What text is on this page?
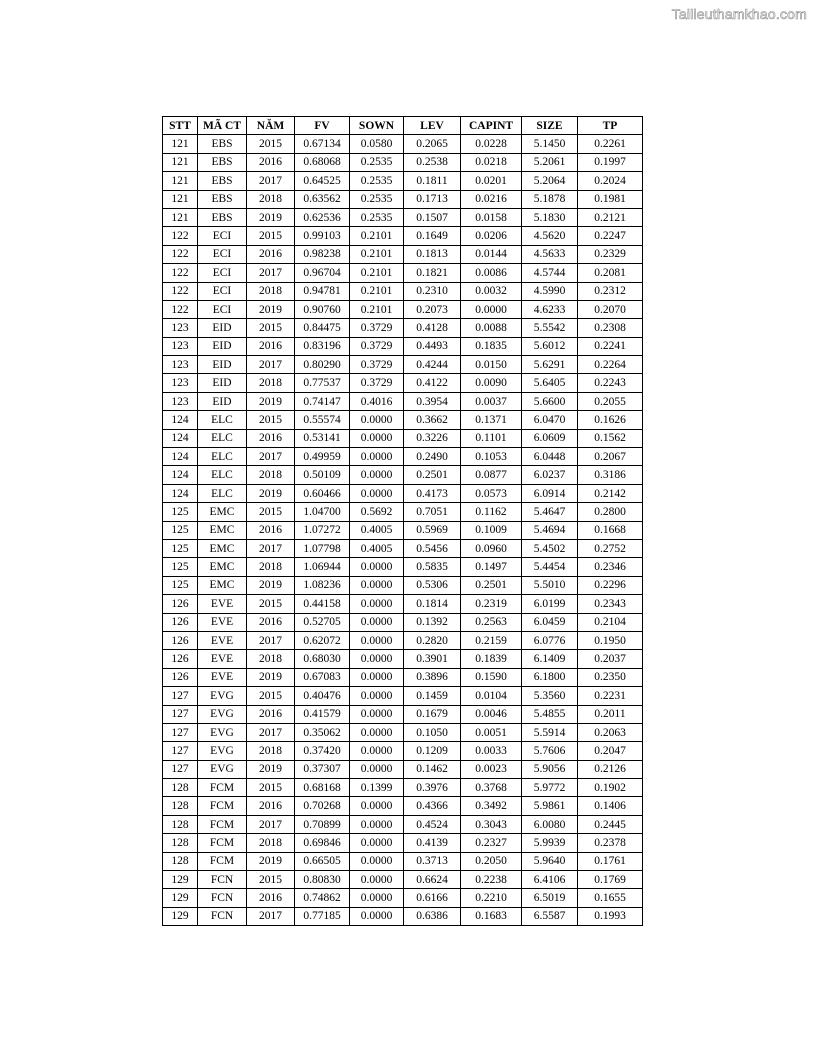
Tailieuthamkhao.com
STT	MÃ CT	NĂM	FV	SOWN	LEV	CAPINT	SIZE	TP
121	EBS	2015	0.67134	0.0580	0.2065	0.0228	5.1450	0.2261
121	EBS	2016	0.68068	0.2535	0.2538	0.0218	5.2061	0.1997
121	EBS	2017	0.64525	0.2535	0.1811	0.0201	5.2064	0.2024
121	EBS	2018	0.63562	0.2535	0.1713	0.0216	5.1878	0.1981
121	EBS	2019	0.62536	0.2535	0.1507	0.0158	5.1830	0.2121
122	ECI	2015	0.99103	0.2101	0.1649	0.0206	4.5620	0.2247
122	ECI	2016	0.98238	0.2101	0.1813	0.0144	4.5633	0.2329
122	ECI	2017	0.96704	0.2101	0.1821	0.0086	4.5744	0.2081
122	ECI	2018	0.94781	0.2101	0.2310	0.0032	4.5990	0.2312
122	ECI	2019	0.90760	0.2101	0.2073	0.0000	4.6233	0.2070
123	EID	2015	0.84475	0.3729	0.4128	0.0088	5.5542	0.2308
123	EID	2016	0.83196	0.3729	0.4493	0.1835	5.6012	0.2241
123	EID	2017	0.80290	0.3729	0.4244	0.0150	5.6291	0.2264
123	EID	2018	0.77537	0.3729	0.4122	0.0090	5.6405	0.2243
123	EID	2019	0.74147	0.4016	0.3954	0.0037	5.6600	0.2055
124	ELC	2015	0.55574	0.0000	0.3662	0.1371	6.0470	0.1626
124	ELC	2016	0.53141	0.0000	0.3226	0.1101	6.0609	0.1562
124	ELC	2017	0.49959	0.0000	0.2490	0.1053	6.0448	0.2067
124	ELC	2018	0.50109	0.0000	0.2501	0.0877	6.0237	0.3186
124	ELC	2019	0.60466	0.0000	0.4173	0.0573	6.0914	0.2142
125	EMC	2015	1.04700	0.5692	0.7051	0.1162	5.4647	0.2800
125	EMC	2016	1.07272	0.4005	0.5969	0.1009	5.4694	0.1668
125	EMC	2017	1.07798	0.4005	0.5456	0.0960	5.4502	0.2752
125	EMC	2018	1.06944	0.0000	0.5835	0.1497	5.4454	0.2346
125	EMC	2019	1.08236	0.0000	0.5306	0.2501	5.5010	0.2296
126	EVE	2015	0.44158	0.0000	0.1814	0.2319	6.0199	0.2343
126	EVE	2016	0.52705	0.0000	0.1392	0.2563	6.0459	0.2104
126	EVE	2017	0.62072	0.0000	0.2820	0.2159	6.0776	0.1950
126	EVE	2018	0.68030	0.0000	0.3901	0.1839	6.1409	0.2037
126	EVE	2019	0.67083	0.0000	0.3896	0.1590	6.1800	0.2350
127	EVG	2015	0.40476	0.0000	0.1459	0.0104	5.3560	0.2231
127	EVG	2016	0.41579	0.0000	0.1679	0.0046	5.4855	0.2011
127	EVG	2017	0.35062	0.0000	0.1050	0.0051	5.5914	0.2063
127	EVG	2018	0.37420	0.0000	0.1209	0.0033	5.7606	0.2047
127	EVG	2019	0.37307	0.0000	0.1462	0.0023	5.9056	0.2126
128	FCM	2015	0.68168	0.1399	0.3976	0.3768	5.9772	0.1902
128	FCM	2016	0.70268	0.0000	0.4366	0.3492	5.9861	0.1406
128	FCM	2017	0.70899	0.0000	0.4524	0.3043	6.0080	0.2445
128	FCM	2018	0.69846	0.0000	0.4139	0.2327	5.9939	0.2378
128	FCM	2019	0.66505	0.0000	0.3713	0.2050	5.9640	0.1761
129	FCN	2015	0.80830	0.0000	0.6624	0.2238	6.4106	0.1769
129	FCN	2016	0.74862	0.0000	0.6166	0.2210	6.5019	0.1655
129	FCN	2017	0.77185	0.0000	0.6386	0.1683	6.5587	0.1993
